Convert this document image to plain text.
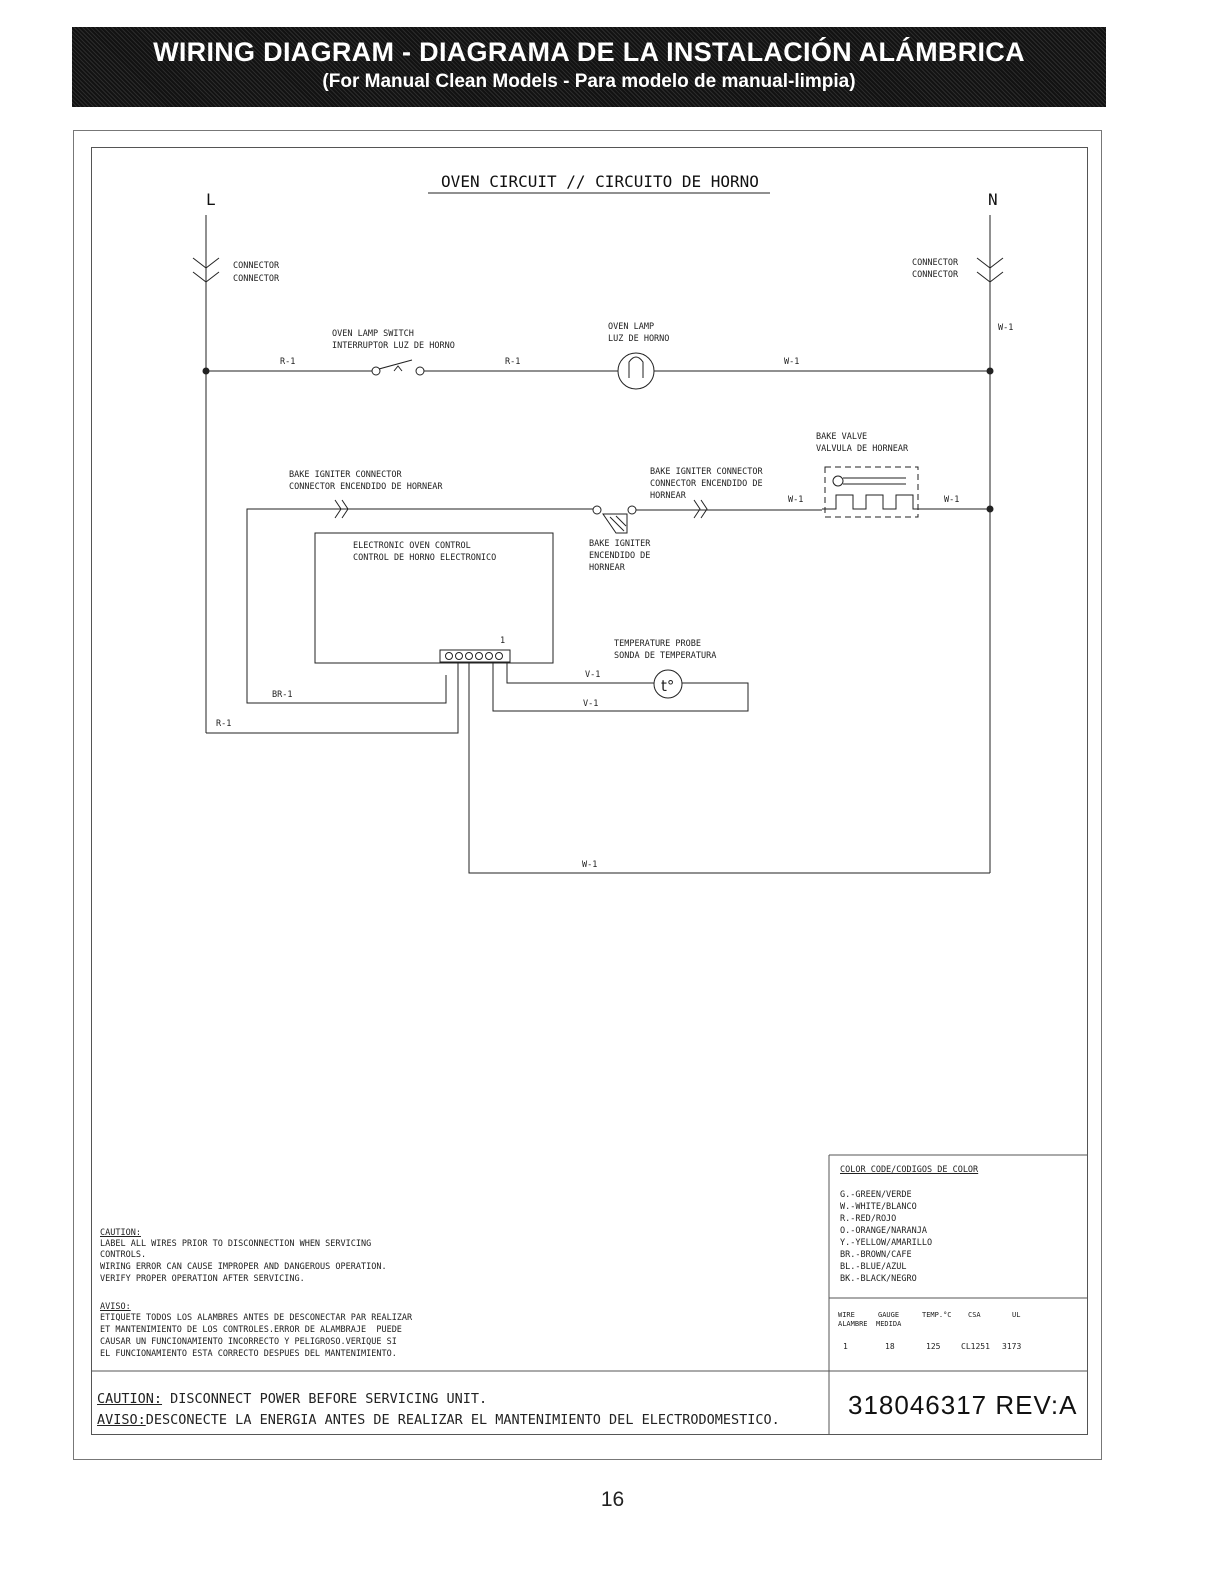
WIRING DIAGRAM - DIAGRAMA DE LA INSTALACIÓN ALÁMBRICA
(For Manual Clean Models - Para modelo de manual-limpia)
OVEN CIRCUIT // CIRCUITO DE HORNO
L	N
CONNECTOR
CONNECTOR
CONNECTOR
CONNECTOR
W-1
R-1	R-1	W-1
OVEN LAMP SWITCH
INTERRUPTOR LUZ DE HORNO
OVEN LAMP
LUZ DE HORNO
BAKE VALVE
VALVULA DE HORNEAR
W-1	W-1
BAKE IGNITER CONNECTOR
CONNECTOR ENCENDIDO DE HORNEAR
BAKE IGNITER CONNECTOR
CONNECTOR ENCENDIDO DE
HORNEAR
BAKE IGNITER
ENCENDIDO DE
HORNEAR
ELECTRONIC OVEN CONTROL
CONTROL DE HORNO ELECTRONICO
1
R-1
BR-1
W-1
TEMPERATURE PROBE
SONDA DE TEMPERATURA
t°
V-1
V-1
COLOR CODE/CODIGOS DE COLOR
G.-GREEN/VERDE
W.-WHITE/BLANCO
R.-RED/ROJO
O.-ORANGE/NARANJA
Y.-YELLOW/AMARILLO
BR.-BROWN/CAFE
BL.-BLUE/AZUL
BK.-BLACK/NEGRO
WIRE	GAUGE	TEMP.°C CSA	UL
ALAMBRE MEDIDA
1	18	125	CL1251 3173
CAUTION:
LABEL ALL WIRES PRIOR TO DISCONNECTION WHEN SERVICING
CONTROLS.
WIRING ERROR CAN CAUSE IMPROPER AND DANGEROUS OPERATION.
VERIFY PROPER OPERATION AFTER SERVICING.
AVISO:
ETIQUETE TODOS LOS ALAMBRES ANTES DE DESCONECTAR PAR REALIZAR
ET MANTENIMIENTO DE LOS CONTROLES.ERROR DE ALAMBRAJE  PUEDE
CAUSAR UN FUNCIONAMIENTO INCORRECTO Y PELIGROSO.VERIQUE SI
EL FUNCIONAMIENTO ESTA CORRECTO DESPUES DEL MANTENIMIENTO.
CAUTION: DISCONNECT POWER BEFORE SERVICING UNIT.
AVISO:DESCONECTE LA ENERGIA ANTES DE REALIZAR EL MANTENIMIENTO DEL ELECTRODOMESTICO.	318046317 REV:A
16
